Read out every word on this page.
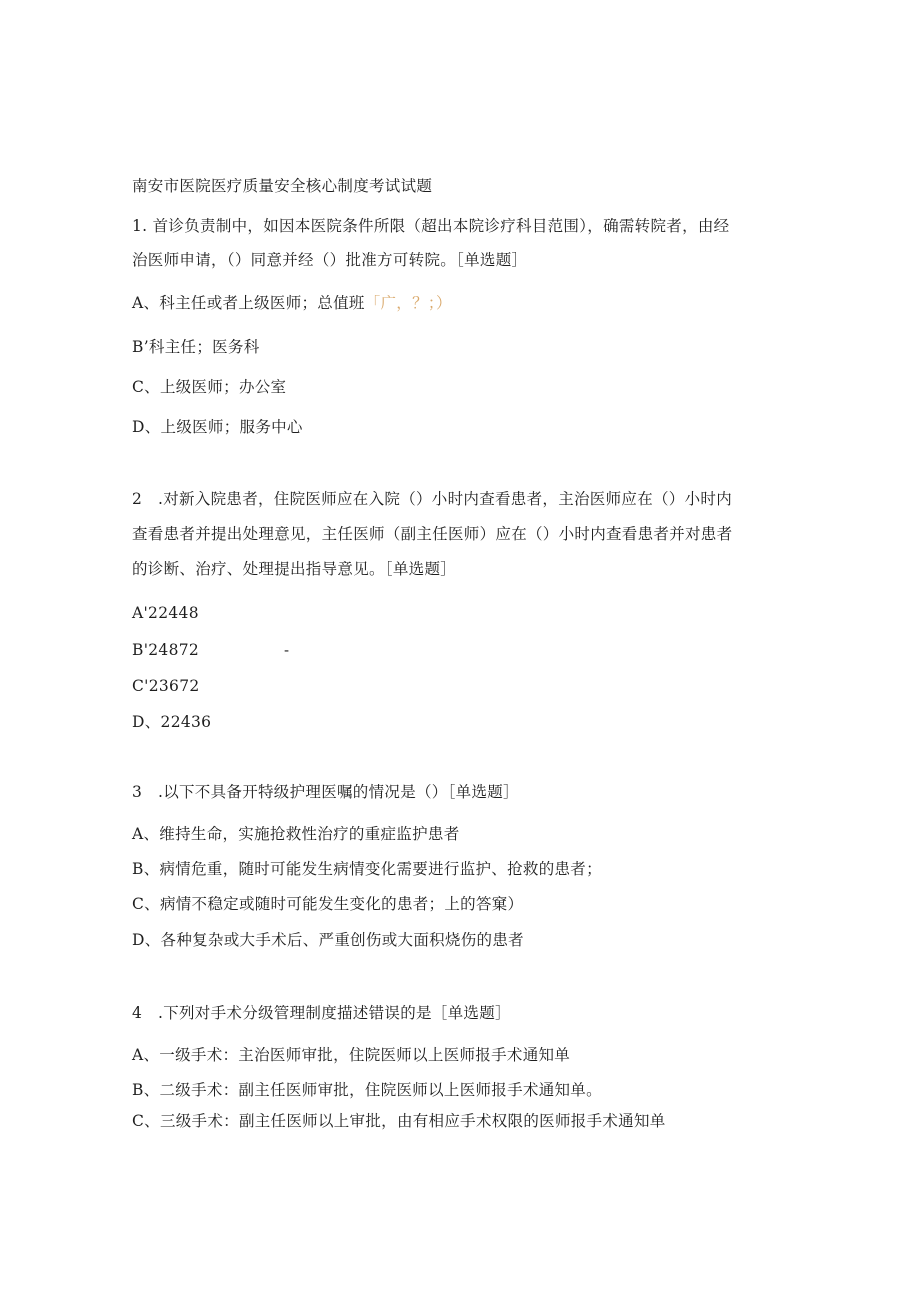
南安市医院医疗质量安全核心制度考试试题
1. 首诊负责制中，如因本医院条件所限（超出本院诊疗科目范围），确需转院者，由经
治医师申请，（）同意并经（）批准方可转院。［单选题］
A、科主任或者上级医师；总值班「广，？；）
B’科主任；医务科
C、上级医师；办公室
D、上级医师；服务中心
2　.对新入院患者，住院医师应在入院（）小时内查看患者，主治医师应在（）小时内
查看患者并提出处理意见，主任医师（副主任医师）应在（）小时内查看患者并对患者
的诊断、治疗、处理提出指导意见。［单选题］
A'22448
B'24872	-
C'23672
D、22436
3　.以下不具备开特级护理医嘱的情况是（）［单选题］
A、维持生命，实施抢救性治疗的重症监护患者
B、病情危重，随时可能发生病情变化需要进行监护、抢救的患者；
C、病情不稳定或随时可能发生变化的患者；上的答窠）
D、各种复杂或大手术后、严重创伤或大面积烧伤的患者
4　.下列对手术分级管理制度描述错误的是［单选题］
A、一级手术：主治医师审批，住院医师以上医师报手术通知单
B、二级手术：副主任医师审批，住院医师以上医师报手术通知单。
C、三级手术：副主任医师以上审批，由有相应手术权限的医师报手术通知单
